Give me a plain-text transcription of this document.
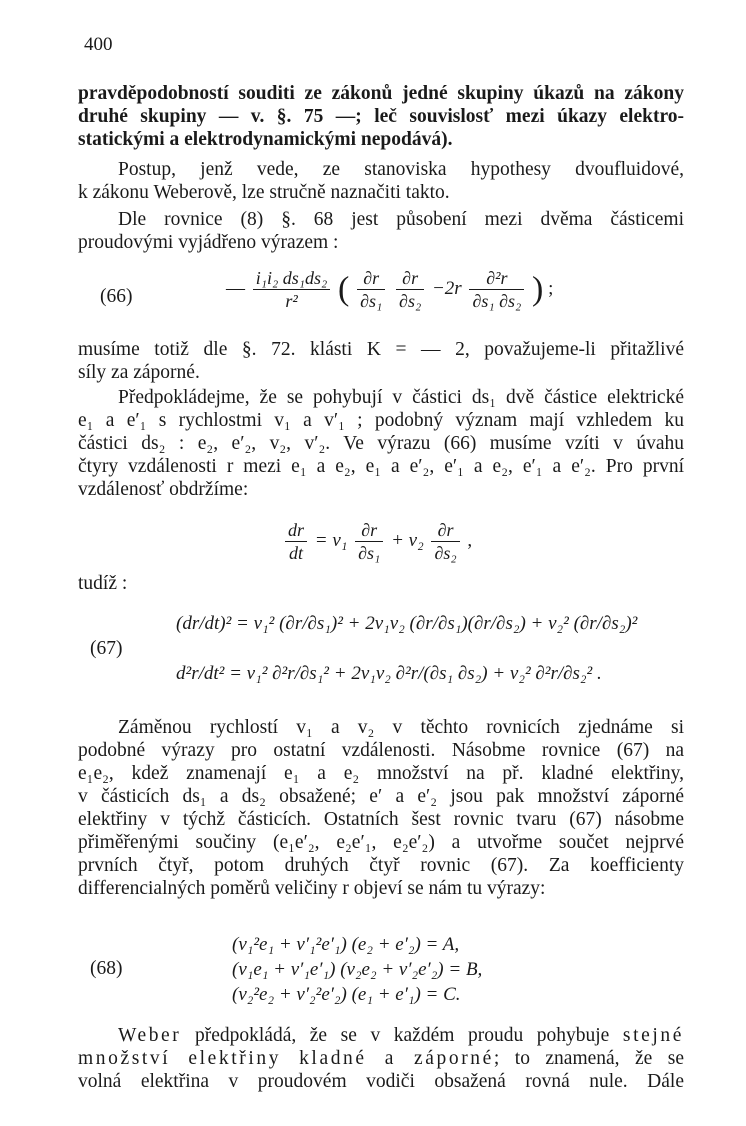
400
pravděpodobností souditi ze zákonů jedné skupiny úkazů na zákony
druhé skupiny — v. §. 75 —; leč souvislosť mezi úkazy elektro-
statickými a elektrodynamickými nepodává).
Postup, jenž vede, ze stanoviska hypothesy dvoufluidové,
k zákonu Weberově, lze stručně naznačiti takto.
Dle rovnice (8) §. 68 jest působení mezi dvěma částicemi
proudovými vyjádřeno výrazem :
(66)	— $\frac{\text{i₁i₂ ds₁ds₂}}{\text{r²}}$ ( $\frac{\partial r}{\text{∂s₁}}$
$\frac{\partial r}{\text{∂s₂}} -2r \frac{\text{∂²r}}{\text{∂s₁ ∂s₂}}$ ) ;
musíme totiž dle §. 72. klásti K = — 2, považujeme-li přitažlivé
síly za záporné.
Předpokládejme, že se pohybují v částici ds₁ dvě částice elektrické
e₁ a e′₁ s rychlostmi v₁ a v′₁ ; podobný význam mají vzhledem ku
částici ds₂ : e₂, e′₂, v₂, v′₂. Ve výrazu (66) musíme vzíti v úvahu
čtyry vzdálenosti r mezi e₁ a e₂, e₁ a e′₂, e′₁ a e₂, e′₁ a e′₂. Pro první
vzdálenosť obdržíme:
$\frac{dr}{dt} = v_1 \frac{\partial r}{\text{∂s₁}} + v_2 \frac{\partial r}{\text{∂s₂}}$ ,
tudíž :
(67)
(dr/dt)² = v₁² (∂r/∂s₁)² + 2v₁v₂ (∂r/∂s₁)(∂r/∂s₂) + v₂² (∂r/∂s₂)²
d²r/dt² = v₁² ∂²r/∂s₁² + 2v₁v₂ ∂²r/(∂s₁ ∂s₂) + v₂² ∂²r/∂s₂² .
Záměnou rychlostí v₁ a v₂ v těchto rovnicích zjednáme si
podobné výrazy pro ostatní vzdálenosti. Násobme rovnice (67) na
e₁e₂, kdež znamenají e₁ a e₂ množství na př. kladné elektřiny,
v částicích ds₁ a ds₂ obsažené; e′ a e′₂ jsou pak množství záporné
elektřiny v týchž částicích. Ostatních šest rovnic tvaru (67) násobme
přiměřenými součiny (e₁e′₂, e₂e′₁, e₂e′₂) a utvořme součet nejprvé
prvních čtyř, potom druhých čtyř rovnic (67). Za koefficienty
differencialných poměrů veličiny r objeví se nám tu výrazy:
(68)
(v₁²e₁ + v′₁²e′₁) (e₂ + e′₂) = A,
(v₁e₁ + v′₁e′₁) (v₂e₂ + v′₂e′₂) = B,
(v₂²e₂ + v′₂²e′₂) (e₁ + e′₁) = C.
Weber předpokládá, že se v každém proudu pohybuje stejné
množství elektřiny kladné a záporné; to znamená, že se
volná elektřina v proudovém vodiči obsažená rovná nule. Dále
